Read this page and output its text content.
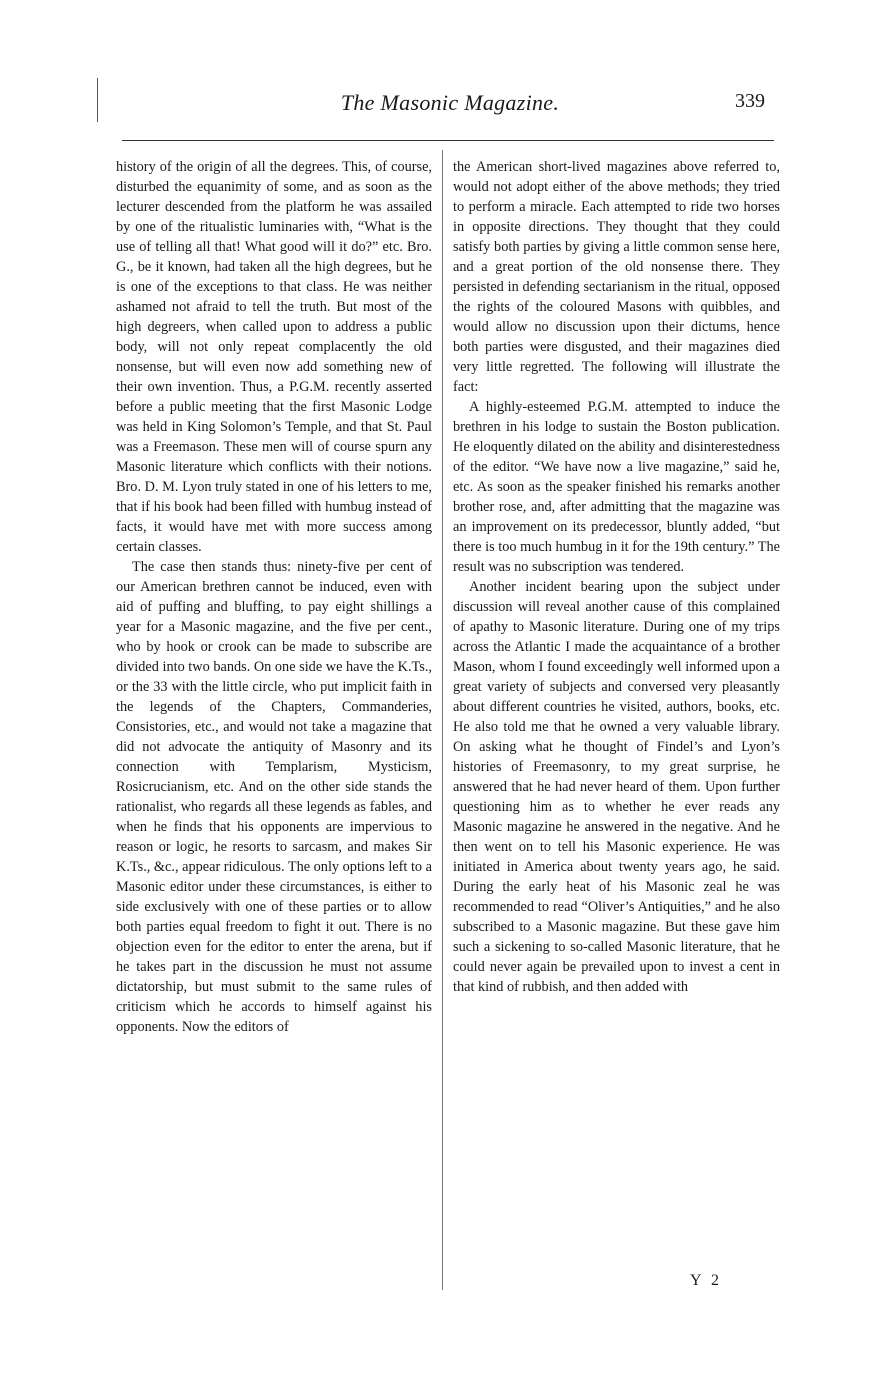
The Masonic Magazine.	339

history of the origin of all the degrees. This, of course, disturbed the equanimity of some, and as soon as the lecturer descended from the platform he was assailed by one of the ritualistic luminaries with, “What is the use of telling all that! What good will it do?” etc. Bro. G., be it known, had taken all the high degrees, but he is one of the exceptions to that class. He was neither ashamed not afraid to tell the truth. But most of the high degreers, when called upon to address a public body, will not only repeat complacently the old nonsense, but will even now add something new of their own invention. Thus, a P.G.M. recently asserted before a public meeting that the first Masonic Lodge was held in King Solomon’s Temple, and that St. Paul was a Freemason. These men will of course spurn any Masonic literature which conflicts with their notions. Bro. D. M. Lyon truly stated in one of his letters to me, that if his book had been filled with humbug instead of facts, it would have met with more success among certain classes.

The case then stands thus: ninety-five per cent of our American brethren cannot be induced, even with aid of puffing and bluffing, to pay eight shillings a year for a Masonic magazine, and the five per cent., who by hook or crook can be made to subscribe are divided into two bands. On one side we have the K.Ts., or the 33 with the little circle, who put implicit faith in the legends of the Chapters, Commanderies, Consistories, etc., and would not take a magazine that did not advocate the antiquity of Masonry and its connection with Templarism, Mysticism, Rosicrucianism, etc. And on the other side stands the rationalist, who regards all these legends as fables, and when he finds that his opponents are impervious to reason or logic, he resorts to sarcasm, and makes Sir K.Ts., &c., appear ridiculous. The only options left to a Masonic editor under these circumstances, is either to side exclusively with one of these parties or to allow both parties equal freedom to fight it out. There is no objection even for the editor to enter the arena, but if he takes part in the discussion he must not assume dictatorship, but must submit to the same rules of criticism which he accords to himself against his opponents. Now the editors of

the American short-lived magazines above referred to, would not adopt either of the above methods; they tried to perform a miracle. Each attempted to ride two horses in opposite directions. They thought that they could satisfy both parties by giving a little common sense here, and a great portion of the old nonsense there. They persisted in defending sectarianism in the ritual, opposed the rights of the coloured Masons with quibbles, and would allow no discussion upon their dictums, hence both parties were disgusted, and their magazines died very little regretted. The following will illustrate the fact:

A highly-esteemed P.G.M. attempted to induce the brethren in his lodge to sustain the Boston publication. He eloquently dilated on the ability and disinterestedness of the editor. “We have now a live magazine,” said he, etc. As soon as the speaker finished his remarks another brother rose, and, after admitting that the magazine was an improvement on its predecessor, bluntly added, “but there is too much humbug in it for the 19th century.” The result was no subscription was tendered.

Another incident bearing upon the subject under discussion will reveal another cause of this complained of apathy to Masonic literature. During one of my trips across the Atlantic I made the acquaintance of a brother Mason, whom I found exceedingly well informed upon a great variety of subjects and conversed very pleasantly about different countries he visited, authors, books, etc. He also told me that he owned a very valuable library. On asking what he thought of Findel’s and Lyon’s histories of Freemasonry, to my great surprise, he answered that he had never heard of them. Upon further questioning him as to whether he ever reads any Masonic magazine he answered in the negative. And he then went on to tell his Masonic experience. He was initiated in America about twenty years ago, he said. During the early heat of his Masonic zeal he was recommended to read “Oliver’s Antiquities,” and he also subscribed to a Masonic magazine. But these gave him such a sickening to so-called Masonic literature, that he could never again be prevailed upon to invest a cent in that kind of rubbish, and then added with

Y 2
